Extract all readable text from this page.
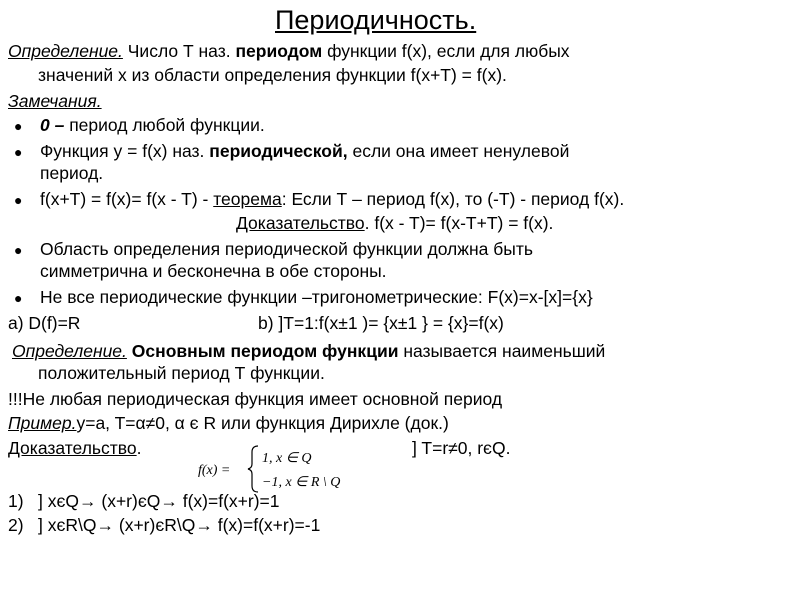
Периодичность.
Определение. Число Т наз. периодом функции f(x), если для любых
значений x из области определения функции f(x+T) = f(x).
Замечания.
● 0 – период любой функции.
● Функция y = f(x) наз. периодической, если она имеет ненулевой
период.
● f(x+T) = f(x)= f(x - T) - теорема: Если Т – период f(x), то (-Т) - период f(x).
Доказательство. f(x - T)= f(x-T+T) = f(x).
● Область определения периодической функции должна быть
симметрична и бесконечна в обе стороны.
● Не все периодические функции –тригонометрические: F(x)=x-[x]={x}
a) D(f)=R	b) ]T=1:f(x±1 )= {x±1 } = {x}=f(x)
Определение. Основным периодом функции называется наименьший
положительный период Т функции.
!!!Не любая периодическая функция имеет основной период
Пример.y=a, T=α≠0, α є R или функция Дирихле (док.)
Доказательство.	] T=r≠0, rєQ.
f(x) =
1, x ∈ Q
−1, x ∈ R \ Q
1) ] xєQ→ (x+r)єQ→ f(x)=f(x+r)=1
2) ] xєR\Q→ (x+r)єR\Q→ f(x)=f(x+r)=-1
